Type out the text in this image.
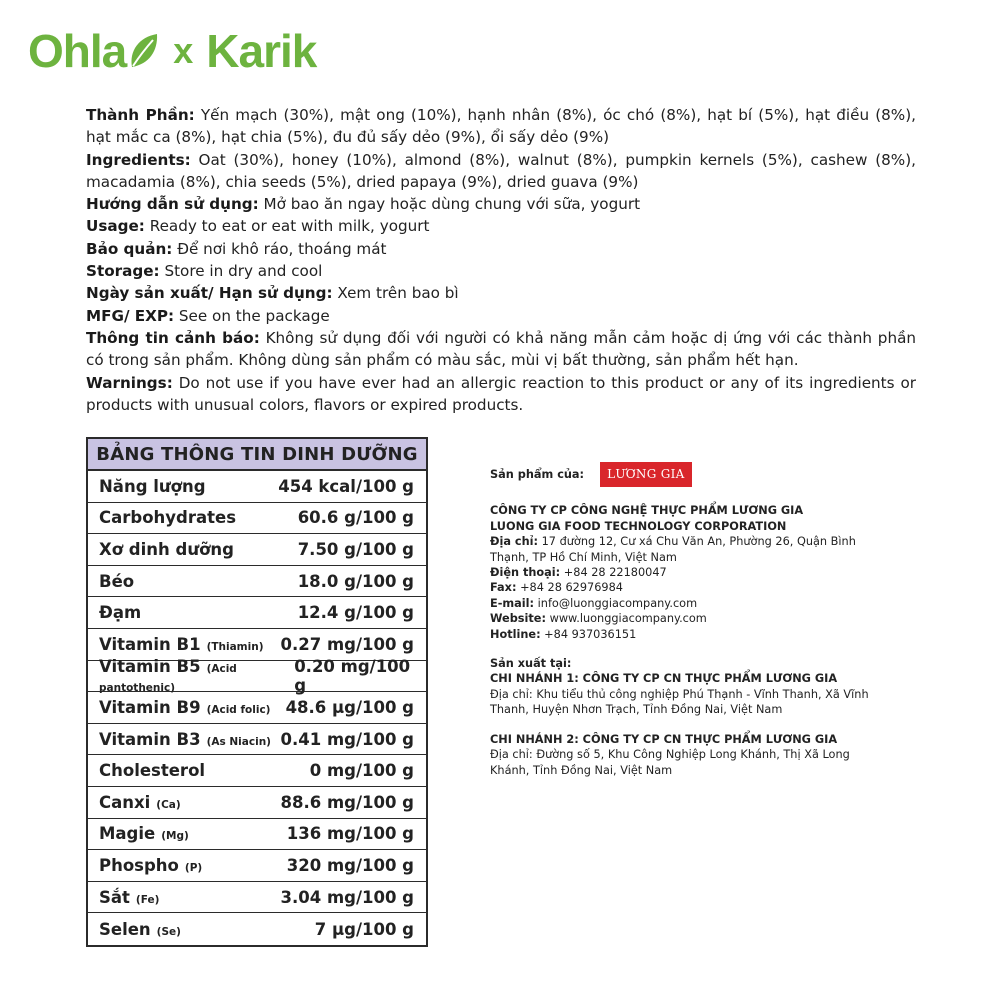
Ohla x Karik

Thành Phần: Yến mạch (30%), mật ong (10%), hạnh nhân (8%), óc chó (8%), hạt bí (5%), hạt điều (8%), hạt mắc ca (8%), hạt chia (5%), đu đủ sấy dẻo (9%), ổi sấy dẻo (9%)

Ingredients: Oat (30%), honey (10%), almond (8%), walnut (8%), pumpkin kernels (5%), cashew (8%), macadamia (8%), chia seeds (5%), dried papaya (9%), dried guava (9%)

Hướng dẫn sử dụng: Mở bao ăn ngay hoặc dùng chung với sữa, yogurt

Usage: Ready to eat or eat with milk, yogurt

Bảo quản: Để nơi khô ráo, thoáng mát

Storage: Store in dry and cool

Ngày sản xuất/ Hạn sử dụng: Xem trên bao bì

MFG/ EXP: See on the package

Thông tin cảnh báo: Không sử dụng đối với người có khả năng mẫn cảm hoặc dị ứng với các thành phần có trong sản phẩm. Không dùng sản phẩm có màu sắc, mùi vị bất thường, sản phẩm hết hạn.

Warnings: Do not use if you have ever had an allergic reaction to this product or any of its ingredients or products with unusual colors, flavors or expired products.

BẢNG THÔNG TIN DINH DƯỠNG
Năng lượng	454 kcal/100 g
Carbohydrates	60.6 g/100 g
Xơ dinh dưỡng	7.50 g/100 g
Béo	18.0 g/100 g
Đạm	12.4 g/100 g
Vitamin B1 (Thiamin) 0.27 mg/100 g
Vitamin B5 (Acid pantothenic)
0.20 mg/100 g
Vitamin B9 (Acid folic) 48.6 µg/100 g
Vitamin B3 (As Niacin) 0.41 mg/100 g
Cholesterol	0 mg/100 g
Canxi (Ca)	88.6 mg/100 g
Magie (Mg)	136 mg/100 g
Phospho (P)	320 mg/100 g
Sắt (Fe)	3.04 mg/100 g
Selen (Se)	7 µg/100 g
Sản phẩm của:	LƯƠNG GIA

CÔNG TY CP CÔNG NGHỆ THỰC PHẨM LƯƠNG GIA

LUONG GIA FOOD TECHNOLOGY CORPORATION

Địa chỉ: 17 đường 12, Cư xá Chu Văn An, Phường 26, Quận Bình Thạnh, TP Hồ Chí Minh, Việt Nam

Điện thoại: +84 28 22180047

Fax: +84 28 62976984

E-mail: info@luonggiacompany.com

Website: www.luonggiacompany.com

Hotline: +84 937036151

Sản xuất tại:

CHI NHÁNH 1: CÔNG TY CP CN THỰC PHẨM LƯƠNG GIA

Địa chỉ: Khu tiểu thủ công nghiệp Phú Thạnh - Vĩnh Thanh, Xã Vĩnh Thanh, Huyện Nhơn Trạch, Tỉnh Đồng Nai, Việt Nam

CHI NHÁNH 2: CÔNG TY CP CN THỰC PHẨM LƯƠNG GIA

Địa chỉ: Đường số 5, Khu Công Nghiệp Long Khánh, Thị Xã Long Khánh, Tỉnh Đồng Nai, Việt Nam
